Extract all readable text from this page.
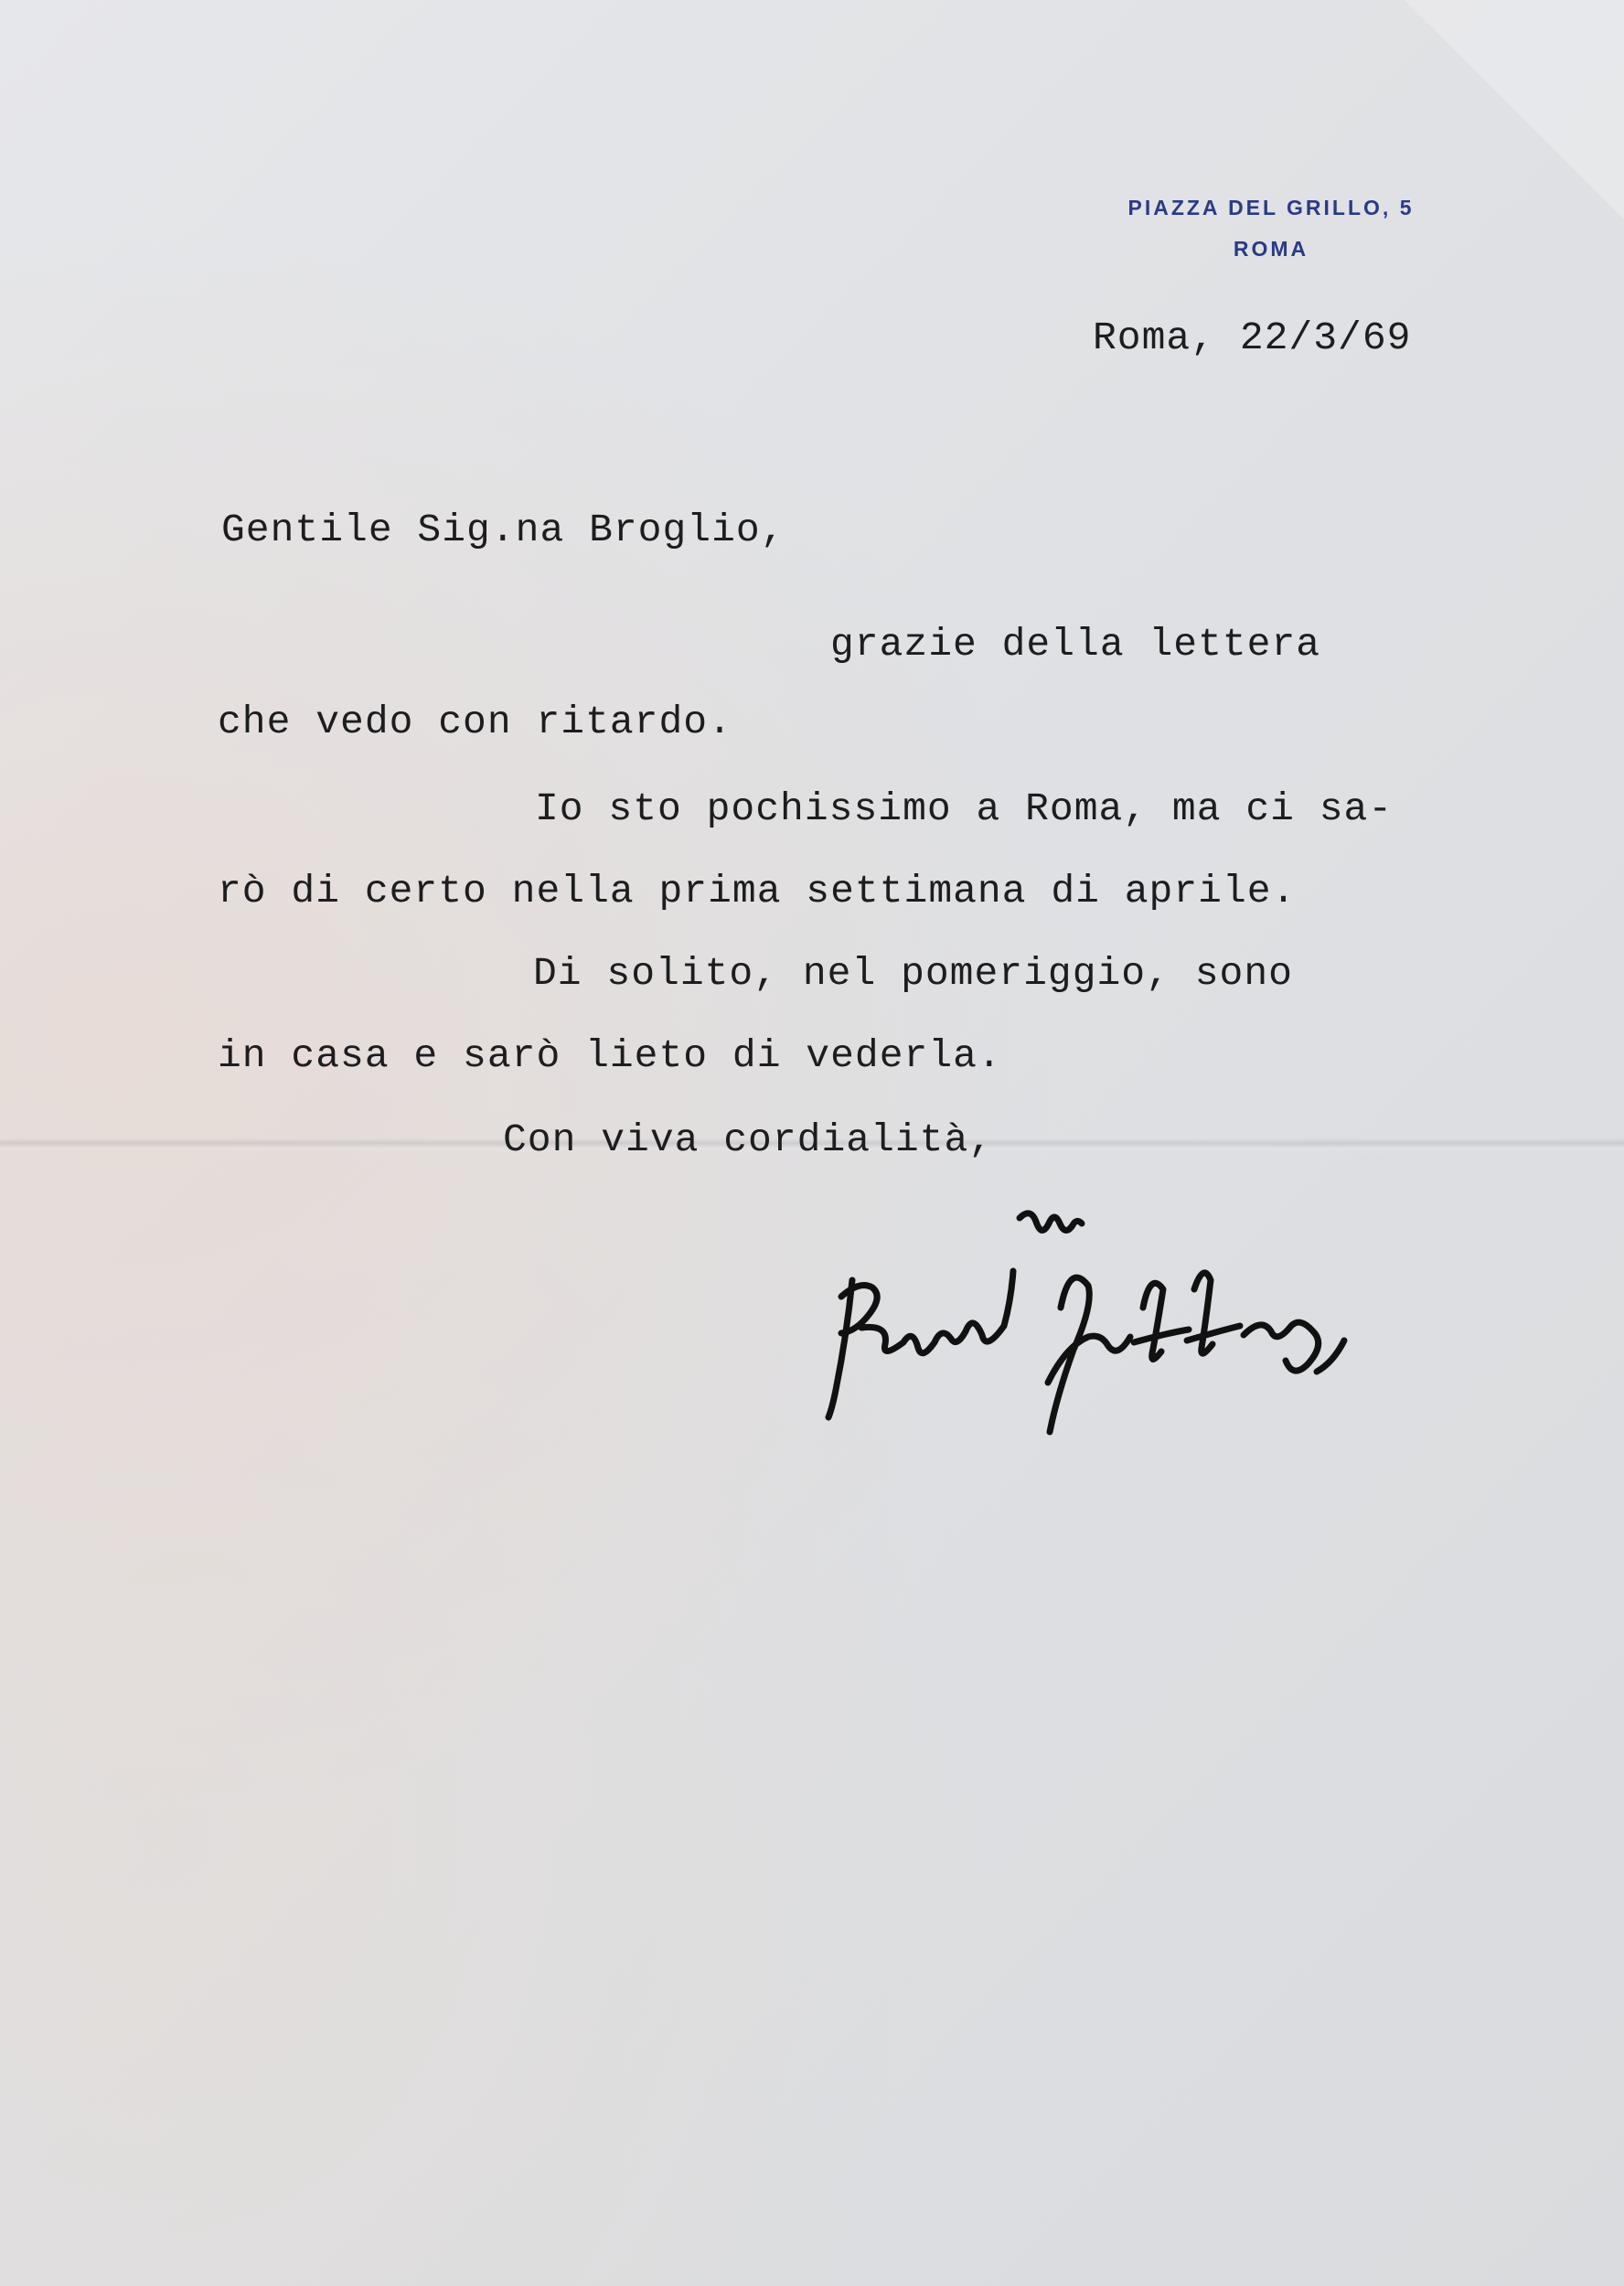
PIAZZA DEL GRILLO, 5
ROMA
Roma, 22/3/69
Gentile Sig.na Broglio,
grazie della lettera
che vedo con ritardo.
Io sto pochissimo a Roma, ma ci sa-
rò di certo nella prima settimana di aprile.
Di solito, nel pomeriggio, sono
in casa e sarò lieto di vederla.
Con viva cordialità,
